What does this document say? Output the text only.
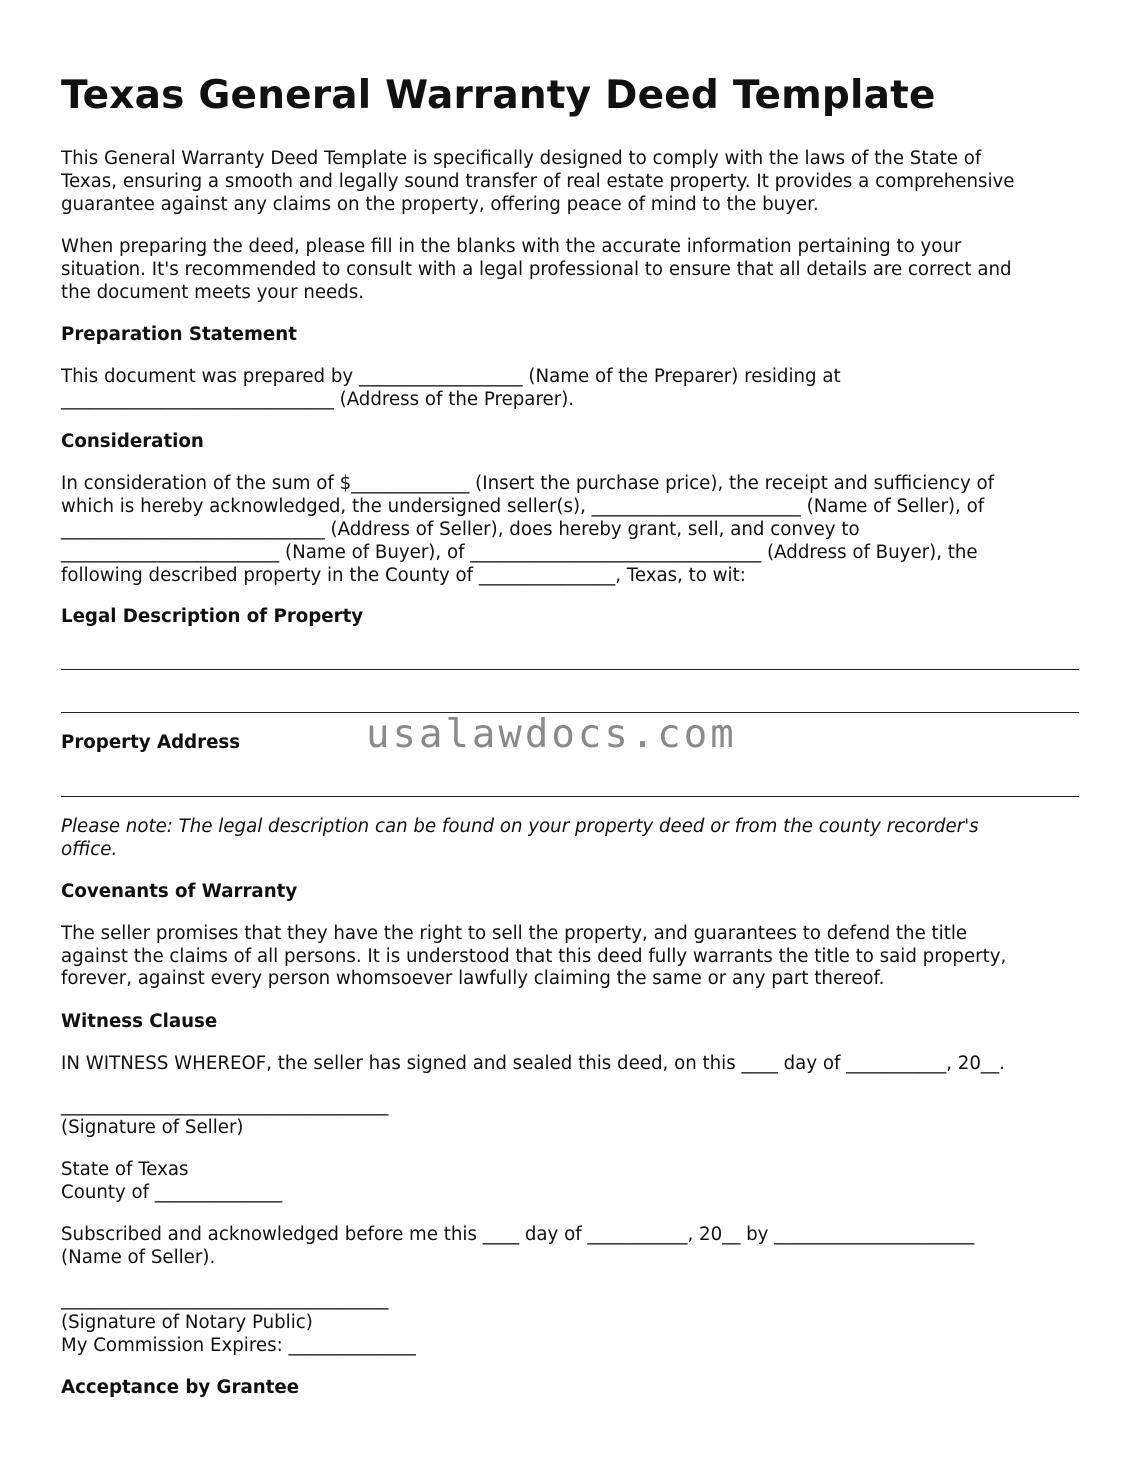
Texas General Warranty Deed Template
This General Warranty Deed Template is specifically designed to comply with the laws of the State of
Texas, ensuring a smooth and legally sound transfer of real estate property. It provides a comprehensive
guarantee against any claims on the property, offering peace of mind to the buyer.
When preparing the deed, please fill in the blanks with the accurate information pertaining to your
situation. It's recommended to consult with a legal professional to ensure that all details are correct and
the document meets your needs.
Preparation Statement
This document was prepared by __________________ (Name of the Preparer) residing at
______________________________ (Address of the Preparer).
Consideration
In consideration of the sum of $_____________ (Insert the purchase price), the receipt and sufficiency of
which is hereby acknowledged, the undersigned seller(s), _______________________ (Name of Seller), of
_____________________________ (Address of Seller), does hereby grant, sell, and convey to
________________________ (Name of Buyer), of ________________________________ (Address of Buyer), the
following described property in the County of _______________, Texas, to wit:
Legal Description of Property
Property Address
Please note: The legal description can be found on your property deed or from the county recorder's
office.
Covenants of Warranty
The seller promises that they have the right to sell the property, and guarantees to defend the title
against the claims of all persons. It is understood that this deed fully warrants the title to said property,
forever, against every person whomsoever lawfully claiming the same or any part thereof.
Witness Clause
IN WITNESS WHEREOF, the seller has signed and sealed this deed, on this ____ day of ___________, 20__.
____________________________________
(Signature of Seller)
State of Texas
County of ______________
Subscribed and acknowledged before me this ____ day of ___________, 20__ by ______________________
(Name of Seller).
____________________________________
(Signature of Notary Public)
My Commission Expires: ______________
Acceptance by Grantee
usalawdocs.com
